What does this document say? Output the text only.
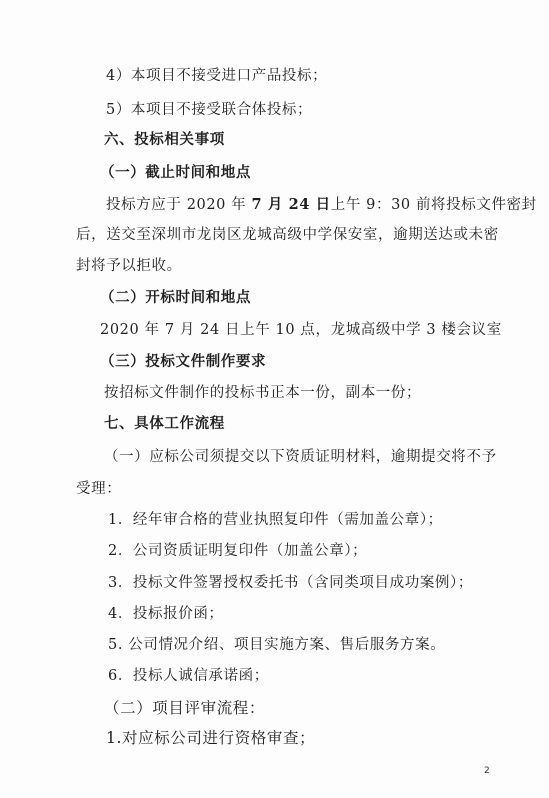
4）本项目不接受进口产品投标；
5）本项目不接受联合体投标；
六、投标相关事项
（一）截止时间和地点
投标方应于 2020 年 7 月 24 日上午 9：30 前将投标文件密封
后，送交至深圳市龙岗区龙城高级中学保安室，逾期送达或未密
封将予以拒收。
（二）开标时间和地点
2020 年 7 月 24 日上午 10 点，龙城高级中学 3 楼会议室
（三）投标文件制作要求
按招标文件制作的投标书正本一份，副本一份；
七、具体工作流程
（一）应标公司须提交以下资质证明材料，逾期提交将不予
受理：
1．经年审合格的营业执照复印件（需加盖公章）；
2．公司资质证明复印件（加盖公章）；
3．投标文件签署授权委托书（含同类项目成功案例）；
4．投标报价函；
5. 公司情况介绍、项目实施方案、售后服务方案。
6．投标人诚信承诺函；
（二）项目评审流程：
1.对应标公司进行资格审查；
2
